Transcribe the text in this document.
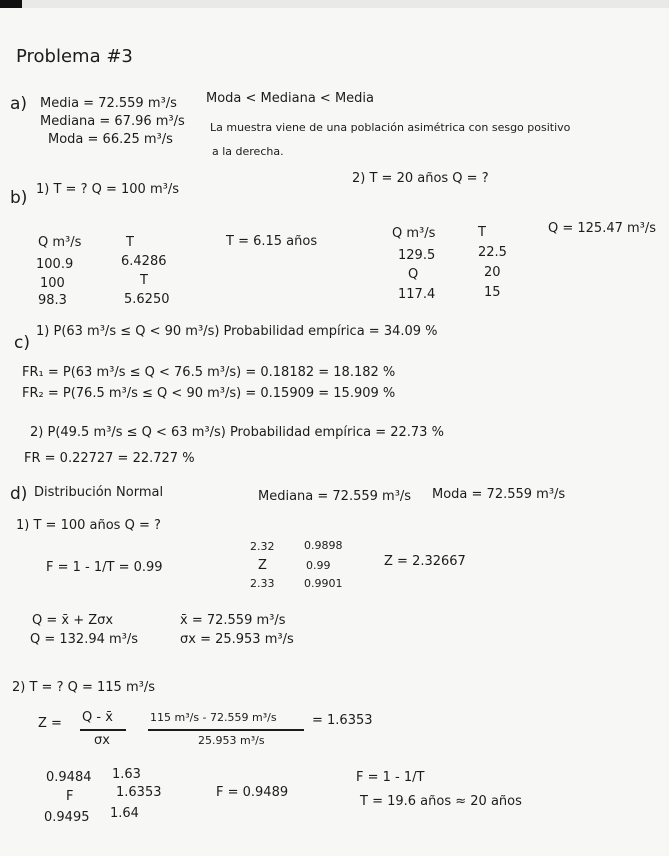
Problema #3
a) Media = 72.559 m³/s
Mediana = 67.96 m³/s
Moda = 66.25 m³/s
Moda < Mediana < Media
La muestra viene de una población asimétrica con sesgo positivo
a la derecha.
b) 1) T = ? Q = 100 m³/s
Q m³/s	T
100.9	6.4286
100	T
98.3	5.6250
T = 6.15 años
2) T = 20 años Q = ?
Q m³/s	T
129.5	22.5
Q	20
117.4	15
Q = 125.47 m³/s
c)
1) P(63 m³/s ≤ Q < 90 m³/s) Probabilidad empírica = 34.09 %
FR₁ = P(63 m³/s ≤ Q < 76.5 m³/s) = 0.18182 = 18.182 %
FR₂ = P(76.5 m³/s ≤ Q < 90 m³/s) = 0.15909 = 15.909 %
2) P(49.5 m³/s ≤ Q < 63 m³/s) Probabilidad empírica = 22.73 %
FR = 0.22727 = 22.727 %
d) Distribución Normal	Mediana = 72.559 m³/s Moda = 72.559 m³/s
1) T = 100 años Q = ?
F = 1 - 1/T = 0.99
2.32	0.9898
Z	0.99
2.33	0.9901
Z = 2.32667
Q = x̄ + Zσx
Q = 132.94 m³/s
x̄ = 72.559 m³/s
σx = 25.953 m³/s
2) T = ? Q = 115 m³/s
Z = Q - x̄
σx
115 m³/s - 72.559 m³/s
25.953 m³/s
= 1.6353
0.9484 1.63
F	1.6353
0.9495 1.64
F = 0.9489
F = 1 - 1/T
T = 19.6 años ≈ 20 años
